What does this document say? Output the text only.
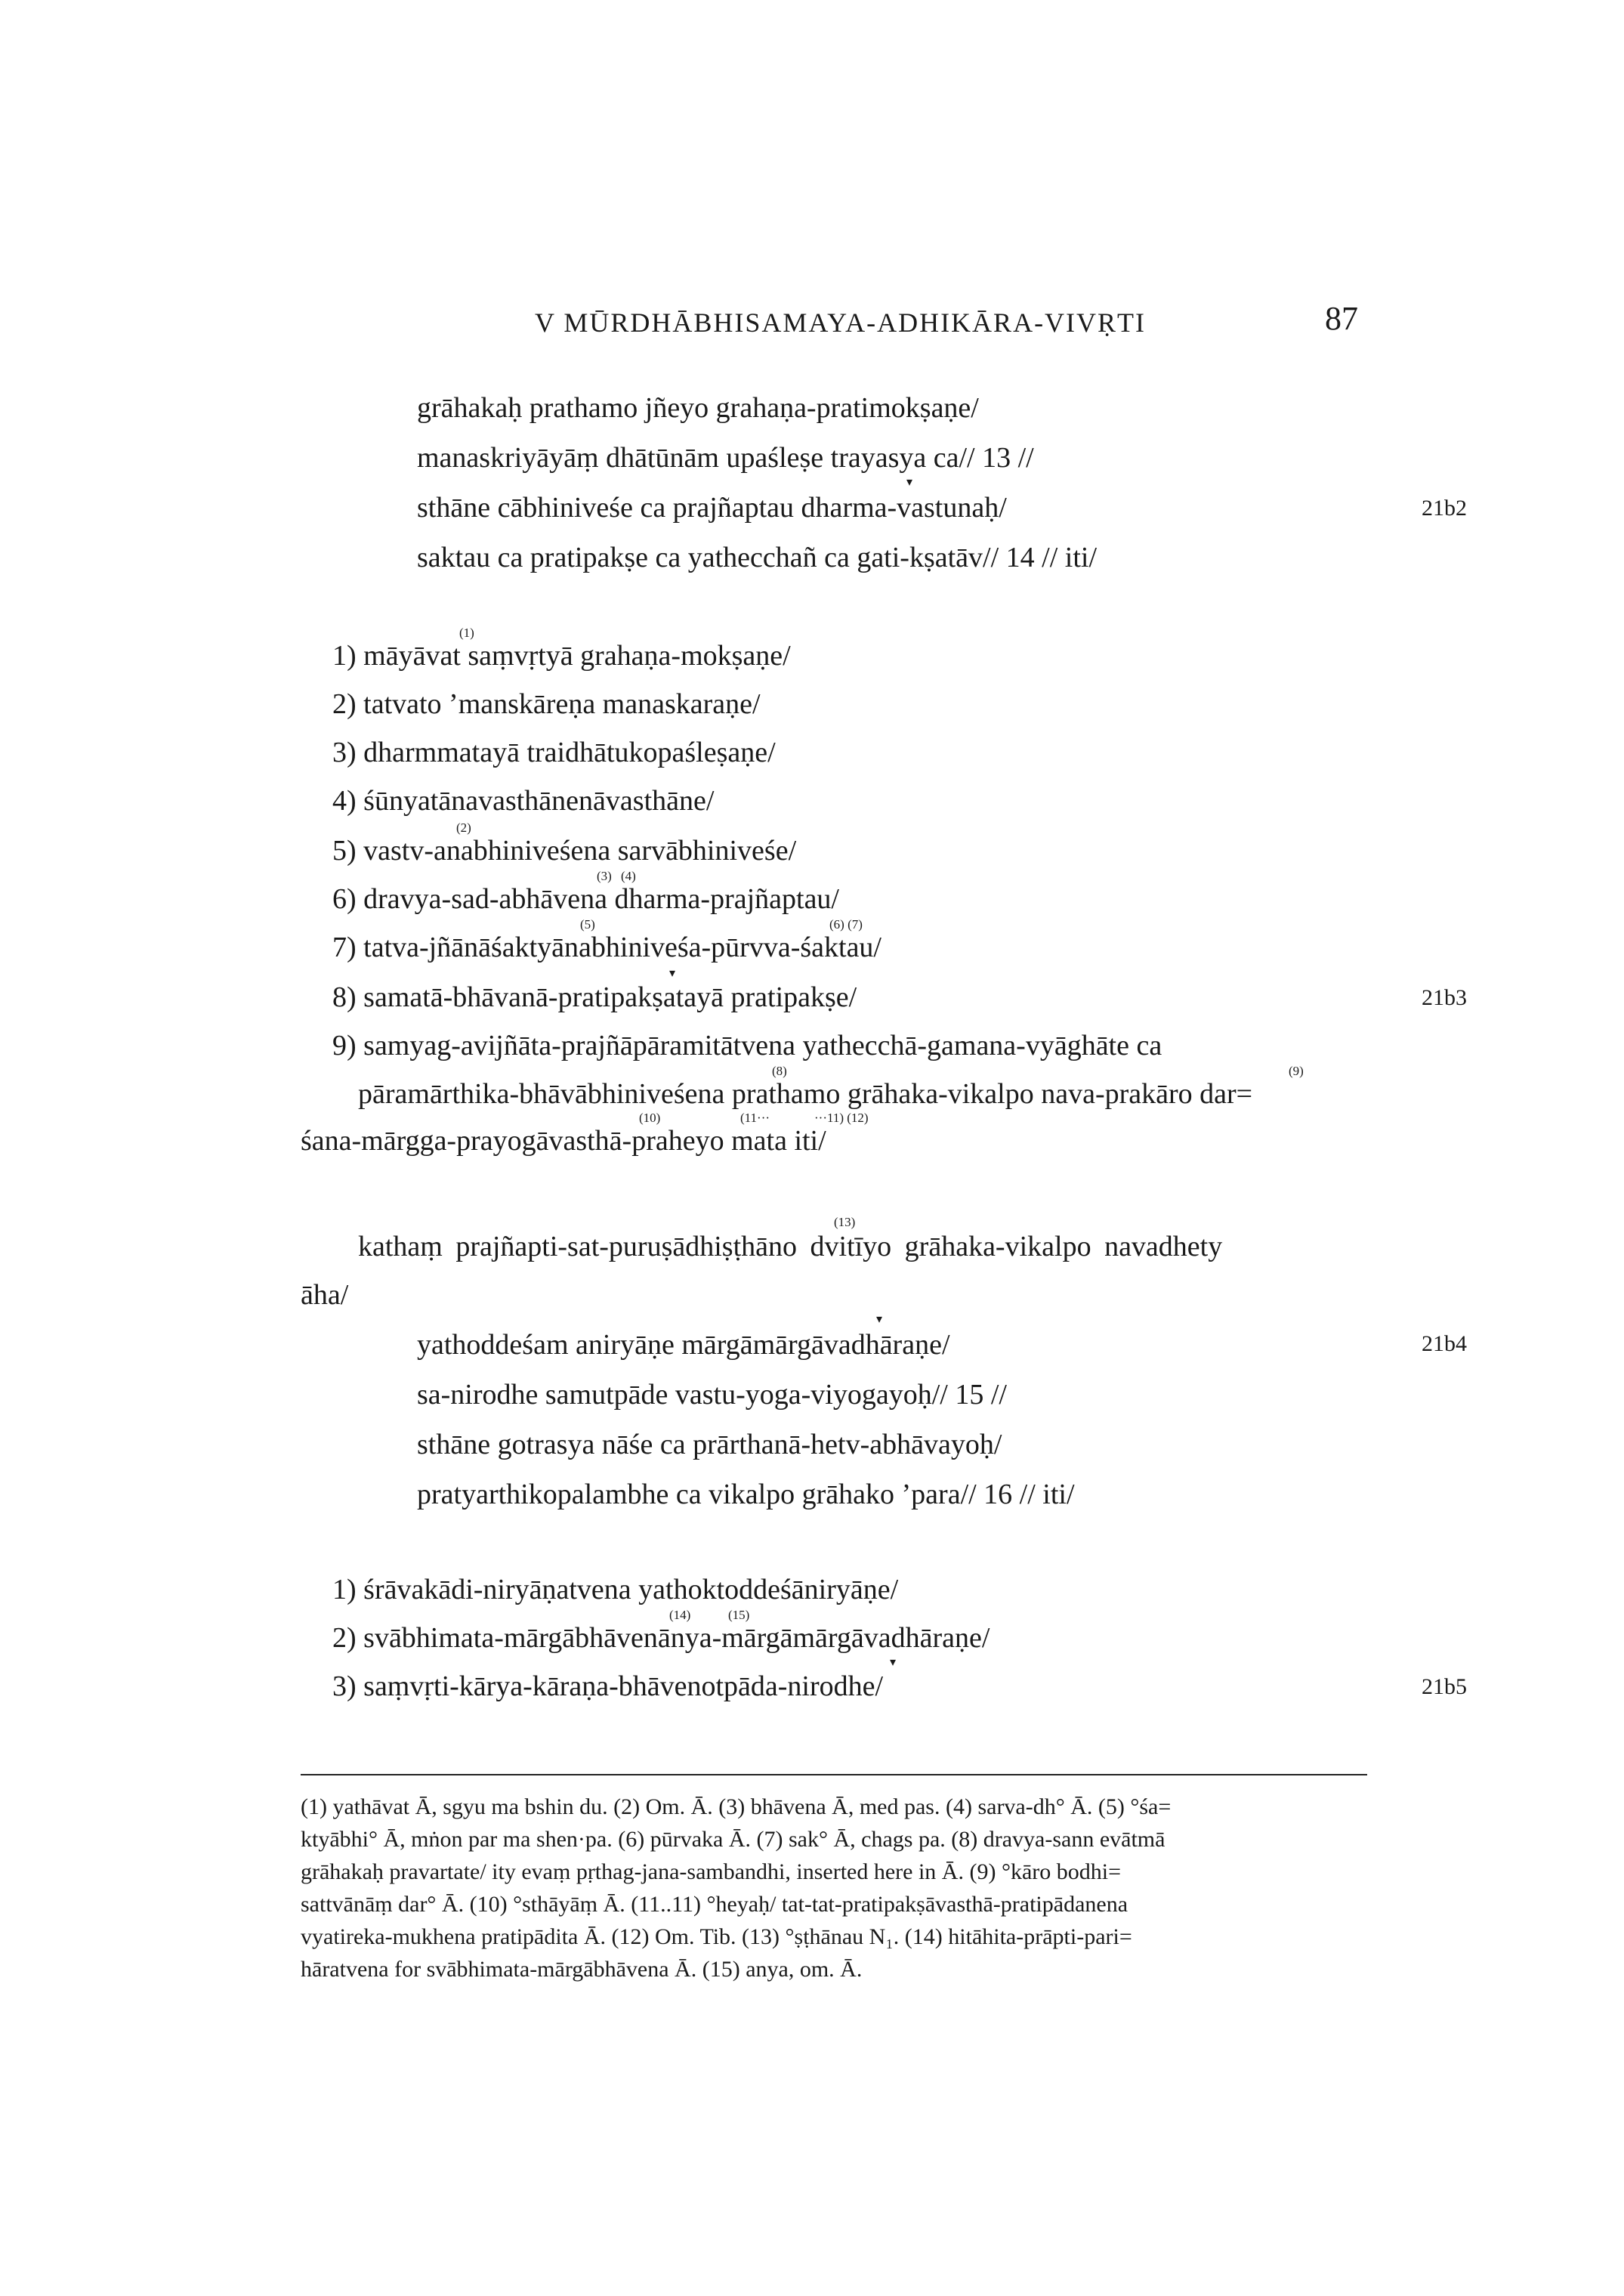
V MŪRDHĀBHISAMAYA-ADHIKĀRA-VIVṚTI	87
grāhakaḥ prathamo jñeyo grahaṇa-pratimokṣaṇe/
manaskriyāyāṃ dhātūnām upaśleṣe trayasya ca// 13 //
▾
sthāne cābhiniveśe ca prajñaptau dharma-vastunaḥ/	21b2
saktau ca pratipakṣe ca yathecchañ ca gati-kṣatāv// 14 // iti/
(1)
1) māyāvat saṃvṛtyā grahaṇa-mokṣaṇe/
2) tatvato ’manskāreṇa manaskaraṇe/
3) dharmmatayā traidhātukopaśleṣaṇe/
4) śūnyatānavasthānenāvasthāne/
(2)
5) vastv-anabhiniveśena sarvābhiniveśe/
(3) (4)
6) dravya-sad-abhāvena dharma-prajñaptau/
(5)	(6) (7)
7) tatva-jñānāśaktyānabhiniveśa-pūrvva-śaktau/
▾
8) samatā-bhāvanā-pratipakṣatayā pratipakṣe/	21b3
9) samyag-avijñāta-prajñāpāramitātvena yathecchā-gamana-vyāghāte ca
(8)	(9)
pāramārthika-bhāvābhiniveśena prathamo grāhaka-vikalpo nava-prakāro dar=
(10)	(11···	···11) (12)
śana-mārgga-prayogāvasthā-praheyo mata iti/
(13)
kathaṃ prajñapti-sat-puruṣādhiṣṭhāno dvitīyo grāhaka-vikalpo navadhety
āha/
▾
yathoddeśam aniryāṇe mārgāmārgāvadhāraṇe/	21b4
sa-nirodhe samutpāde vastu-yoga-viyogayoḥ// 15 //
sthāne gotrasya nāśe ca prārthanā-hetv-abhāvayoḥ/
pratyarthikopalambhe ca vikalpo grāhako ’para// 16 // iti/
1) śrāvakādi-niryāṇatvena yathoktoddeśāniryāṇe/
(14)	(15)
2) svābhimata-mārgābhāvenānya-mārgāmārgāvadhāraṇe/
▾
3) saṃvṛti-kārya-kāraṇa-bhāvenotpāda-nirodhe/	21b5
(1) yathāvat Ā, sgyu ma bshin du. (2) Om. Ā. (3) bhāvena Ā, med pas. (4) sarva-dh° Ā. (5) °śa=
ktyābhi° Ā, mṅon par ma shen·pa. (6) pūrvaka Ā. (7) sak° Ā, chags pa. (8) dravya-sann evātmā
grāhakaḥ pravartate/ ity evaṃ pṛthag-jana-sambandhi, inserted here in Ā. (9) °kāro bodhi=
sattvānāṃ dar° Ā. (10) °sthāyāṃ Ā. (11..11) °heyaḥ/ tat-tat-pratipakṣāvasthā-pratipādanena
vyatireka-mukhena pratipādita Ā. (12) Om. Tib. (13) °ṣṭhānau N₁. (14) hitāhita-prāpti-pari=
hāratvena for svābhimata-mārgābhāvena Ā. (15) anya, om. Ā.
